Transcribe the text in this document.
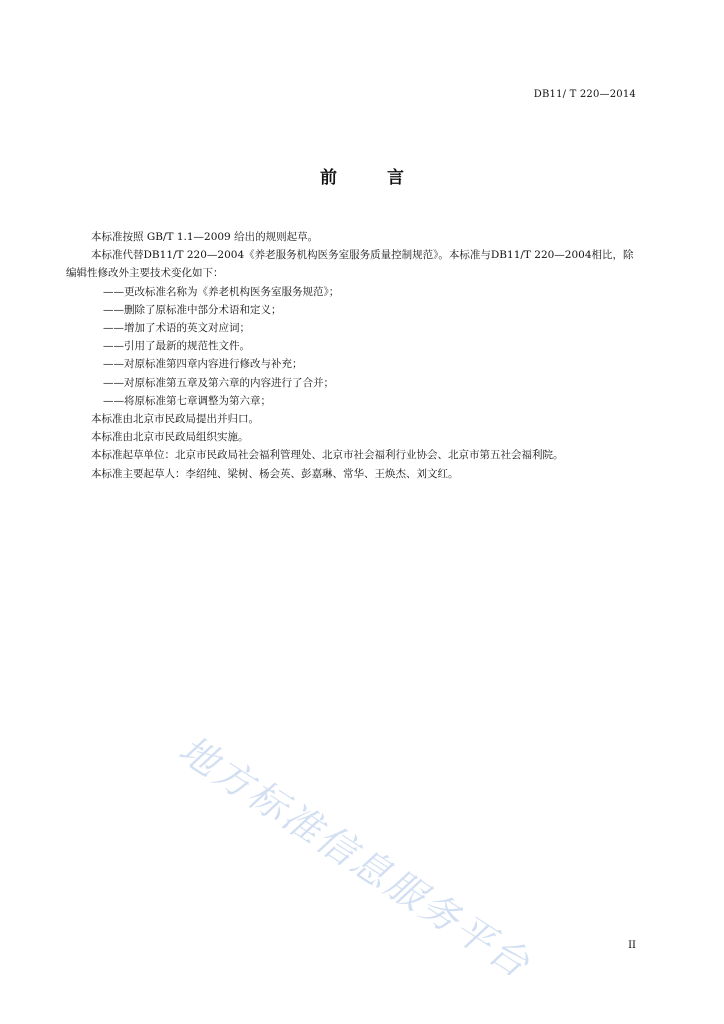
DB11/ T 220—2014
前 言

本标准按照 GB/T 1.1—2009 给出的规则起草。

本标准代替DB11/T 220—2004《养老服务机构医务室服务质量控制规范》。本标准与DB11/T 220—2004相比，除编辑性修改外主要技术变化如下：

——更改标准名称为《养老机构医务室服务规范》；

——删除了原标准中部分术语和定义；

——增加了术语的英文对应词；

——引用了最新的规范性文件。

——对原标准第四章内容进行修改与补充；

——对原标准第五章及第六章的内容进行了合并；

——将原标准第七章调整为第六章；

本标准由北京市民政局提出并归口。

本标准由北京市民政局组织实施。

本标准起草单位：北京市民政局社会福利管理处、北京市社会福利行业协会、北京市第五社会福利院。

本标准主要起草人：李绍纯、梁树、杨会英、彭嘉琳、常华、王焕杰、刘文红。

地方标准信息服务平台	II
